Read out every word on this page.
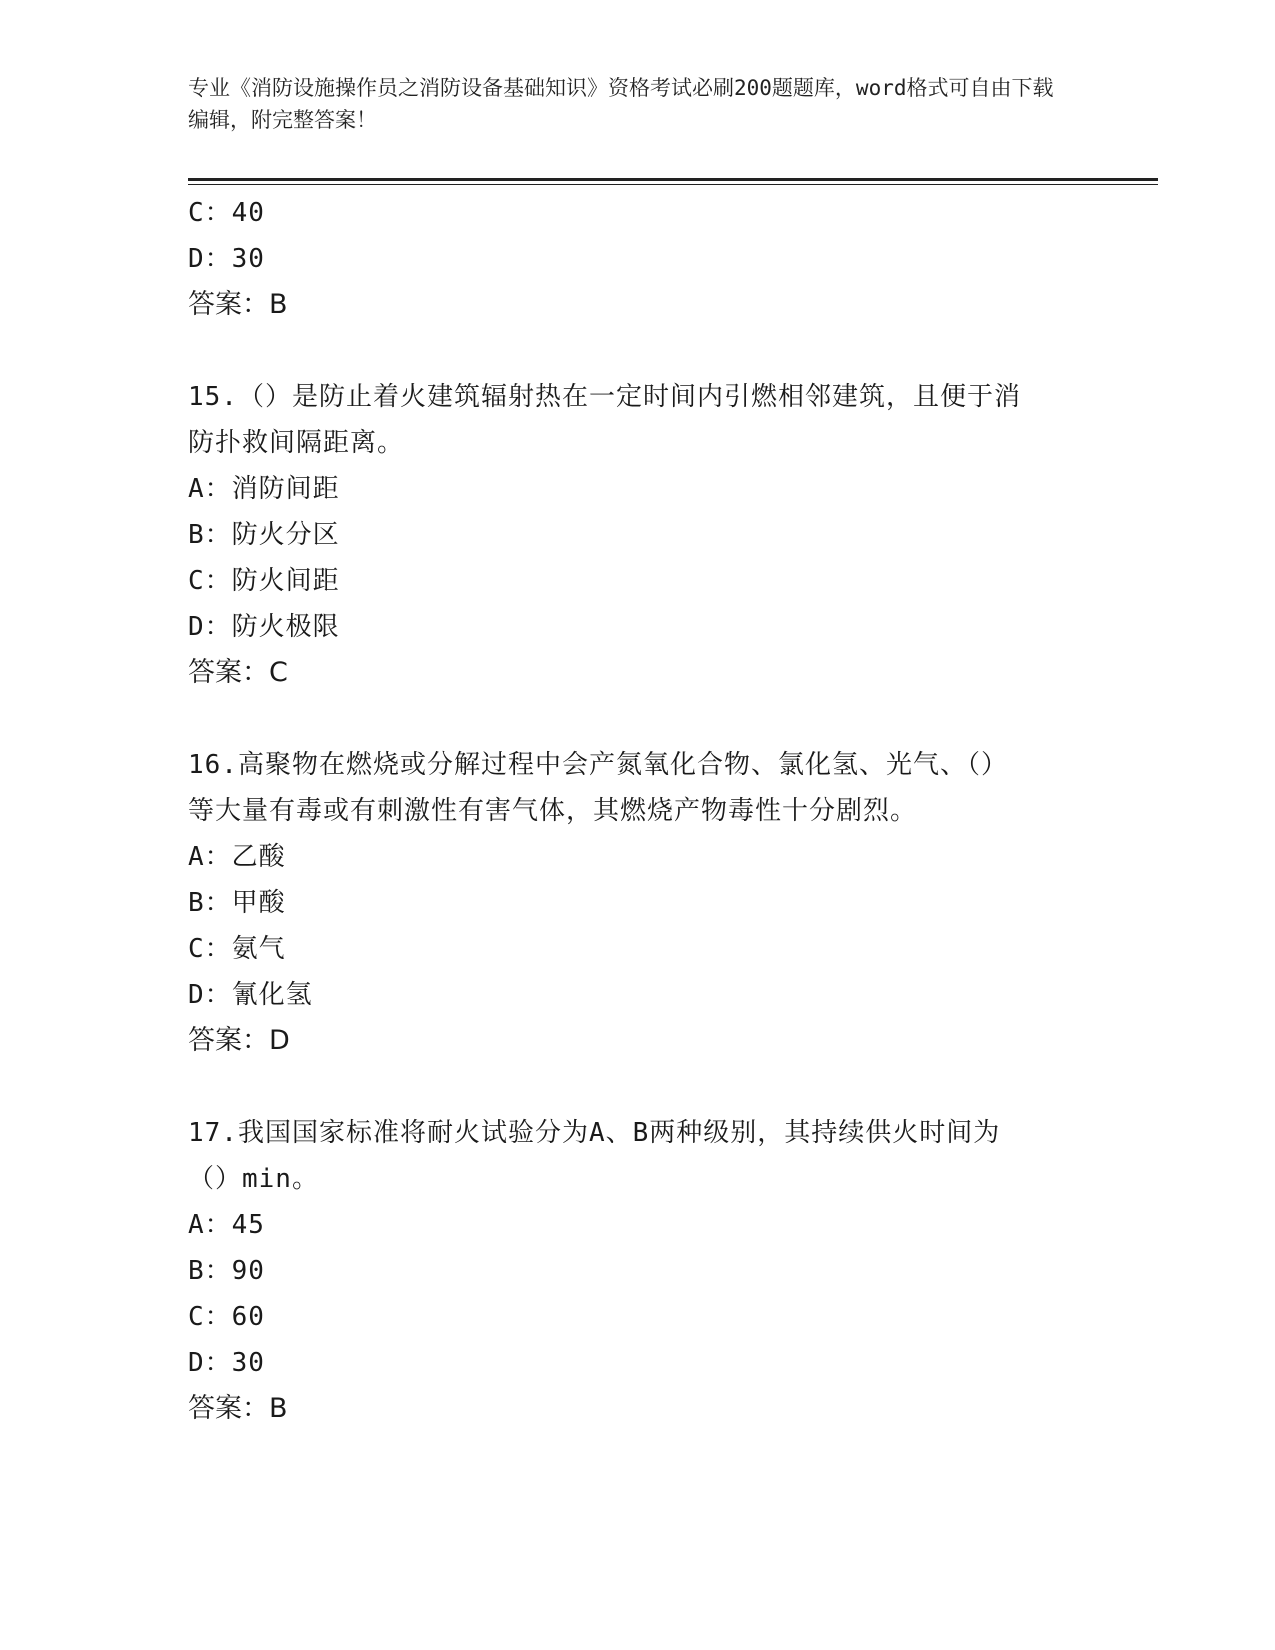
专业《消防设施操作员之消防设备基础知识》资格考试必刷200题题库，word格式可自由下载编辑，附完整答案！
C：40
D：30
答案：B
15.（）是防止着火建筑辐射热在一定时间内引燃相邻建筑，且便于消
防扑救间隔距离。
A：消防间距
B：防火分区
C：防火间距
D：防火极限
答案：C
16.高聚物在燃烧或分解过程中会产氮氧化合物、氯化氢、光气、（）
等大量有毒或有刺激性有害气体，其燃烧产物毒性十分剧烈。
A：乙酸
B：甲酸
C：氨气
D：氰化氢
答案：D
17.我国国家标准将耐火试验分为A、B两种级别，其持续供火时间为
（）min。
A：45
B：90
C：60
D：30
答案：B
